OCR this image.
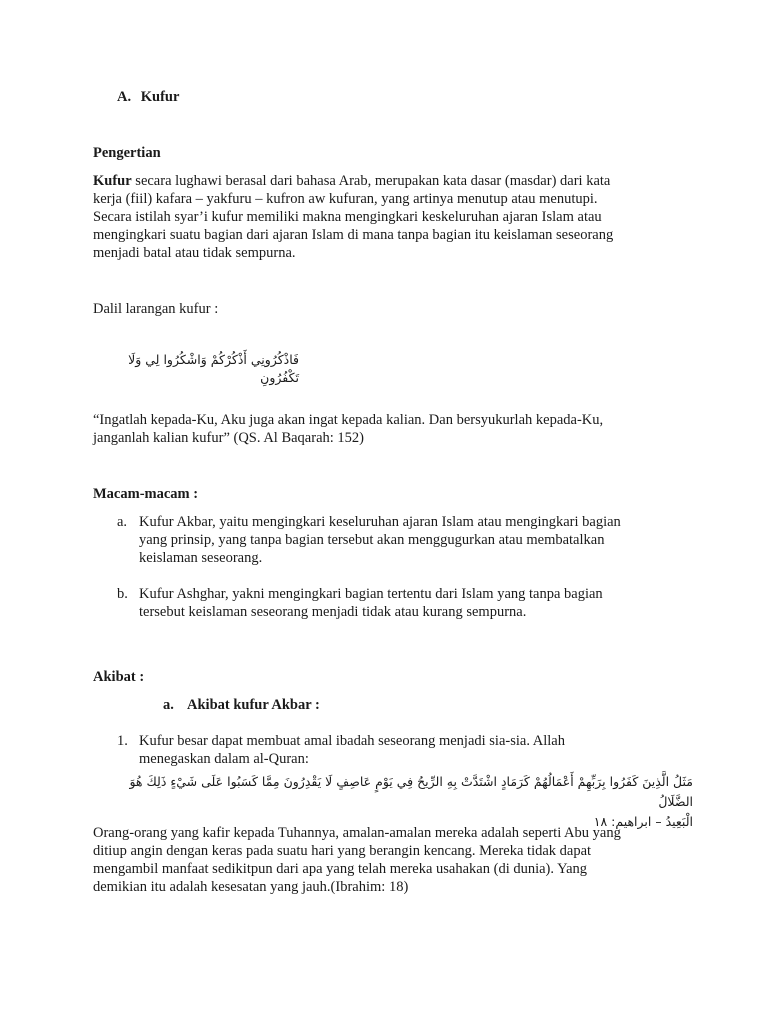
A. Kufur
Pengertian

Kufur secara lughawi berasal dari bahasa Arab, merupakan kata dasar (masdar) dari kata

kerja (fiil) kafara – yakfuru – kufron aw kufuran, yang artinya menutup atau menutupi.

Secara istilah syar’i kufur memiliki makna mengingkari keskeluruhan ajaran Islam atau

mengingkari suatu bagian dari ajaran Islam di mana tanpa bagian itu keislaman seseorang

menjadi batal atau tidak sempurna.

Dalil larangan kufur :
فَاذْكُرُونِي أَذْكُرْكُمْ وَاشْكُرُوا لِي وَلَا تَكْفُرُونِ

“Ingatlah kepada-Ku, Aku juga akan ingat kepada kalian. Dan bersyukurlah kepada-Ku,

janganlah kalian kufur” (QS. Al Baqarah: 152)

Macam-macam :
a. Kufur Akbar, yaitu mengingkari keseluruhan ajaran Islam atau mengingkari bagian

yang prinsip, yang tanpa bagian tersebut akan menggugurkan atau membatalkan

keislaman seseorang.

b. Kufur Ashghar, yakni mengingkari bagian tertentu dari Islam yang tanpa bagian

tersebut keislaman seseorang menjadi tidak atau kurang sempurna.

Akibat :
a. Akibat kufur Akbar :
1. Kufur besar dapat membuat amal ibadah seseorang menjadi sia-sia. Allah

menegaskan dalam al-Quran:

مَثَلُ الَّذِينَ كَفَرُوا بِرَبِّهِمْ أَعْمَالُهُمْ كَرَمَادٍ اشْتَدَّتْ بِهِ الرِّيحُ فِي يَوْمٍ عَاصِفٍ لَا يَقْدِرُونَ مِمَّا كَسَبُوا عَلَى شَيْءٍ ذَلِكَ هُوَ الضَّلَالُ

الْبَعِيدُ – ابراهيم: ١٨

Orang-orang yang kafir kepada Tuhannya, amalan-amalan mereka adalah seperti Abu yang

ditiup angin dengan keras pada suatu hari yang berangin kencang. Mereka tidak dapat

mengambil manfaat sedikitpun dari apa yang telah mereka usahakan (di dunia). Yang

demikian itu adalah kesesatan yang jauh.(Ibrahim: 18)
